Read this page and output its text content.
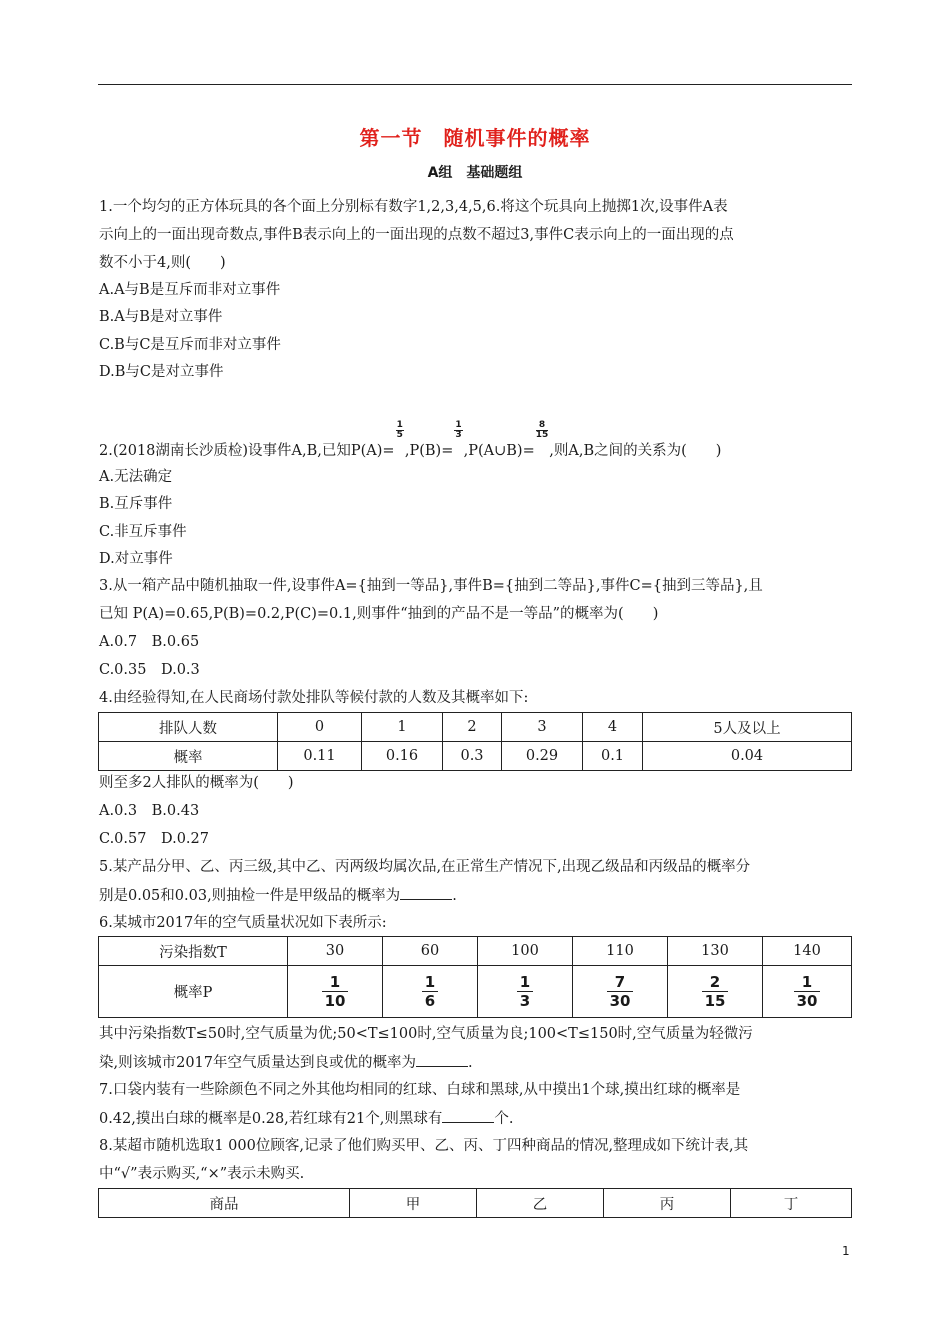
第一节　随机事件的概率
A组　基础题组
1.一个均匀的正方体玩具的各个面上分别标有数字1,2,3,4,5,6.将这个玩具向上抛掷1次,设事件A表
示向上的一面出现奇数点,事件B表示向上的一面出现的点数不超过3,事件C表示向上的一面出现的点
数不小于4,则(　　)
A.A与B是互斥而非对立事件
B.A与B是对立事件
C.B与C是互斥而非对立事件
D.B与C是对立事件
2.(2018湖南长沙质检)设事件A,B,已知P(A)=
$\frac{1}{5}$
,P(B)=
$\frac{1}{3}$
,P(A∪B)=
$\frac{8}{15}$
,则A,B之间的关系为(　　)
A.无法确定
B.互斥事件
C.非互斥事件
D.对立事件
3.从一箱产品中随机抽取一件,设事件A={抽到一等品},事件B={抽到二等品},事件C={抽到三等品},且
已知 P(A)=0.65,P(B)=0.2,P(C)=0.1,则事件“抽到的产品不是一等品”的概率为(　　)
A.0.7　B.0.65
C.0.35　D.0.3
4.由经验得知,在人民商场付款处排队等候付款的人数及其概率如下:
排队人数	0	1	2	3	4	5人及以上
概率	0.11	0.16	0.3	0.29	0.1	0.04
则至多2人排队的概率为(　　)
A.0.3　B.0.43
C.0.57　D.0.27
5.某产品分甲、乙、丙三级,其中乙、丙两级均属次品,在正常生产情况下,出现乙级品和丙级品的概率分
别是0.05和0.03,则抽检一件是甲级品的概率为	.
6.某城市2017年的空气质量状况如下表所示:
污染指数T	30	60	100	110	130	140
概率P	$\frac{1}{10}$	$\frac{1}{6}$	$\frac{1}{3}$	$\frac{7}{30}$	$\frac{2}{15}$	$\frac{1}{30}$
其中污染指数T≤50时,空气质量为优;50<T≤100时,空气质量为良;100<T≤150时,空气质量为轻微污
染,则该城市2017年空气质量达到良或优的概率为	.
7.口袋内装有一些除颜色不同之外其他均相同的红球、白球和黑球,从中摸出1个球,摸出红球的概率是
0.42,摸出白球的概率是0.28,若红球有21个,则黑球有	个.
8.某超市随机选取1 000位顾客,记录了他们购买甲、乙、丙、丁四种商品的情况,整理成如下统计表,其
中“√”表示购买,“×”表示未购买.
商品	甲	乙	丙	丁
1
